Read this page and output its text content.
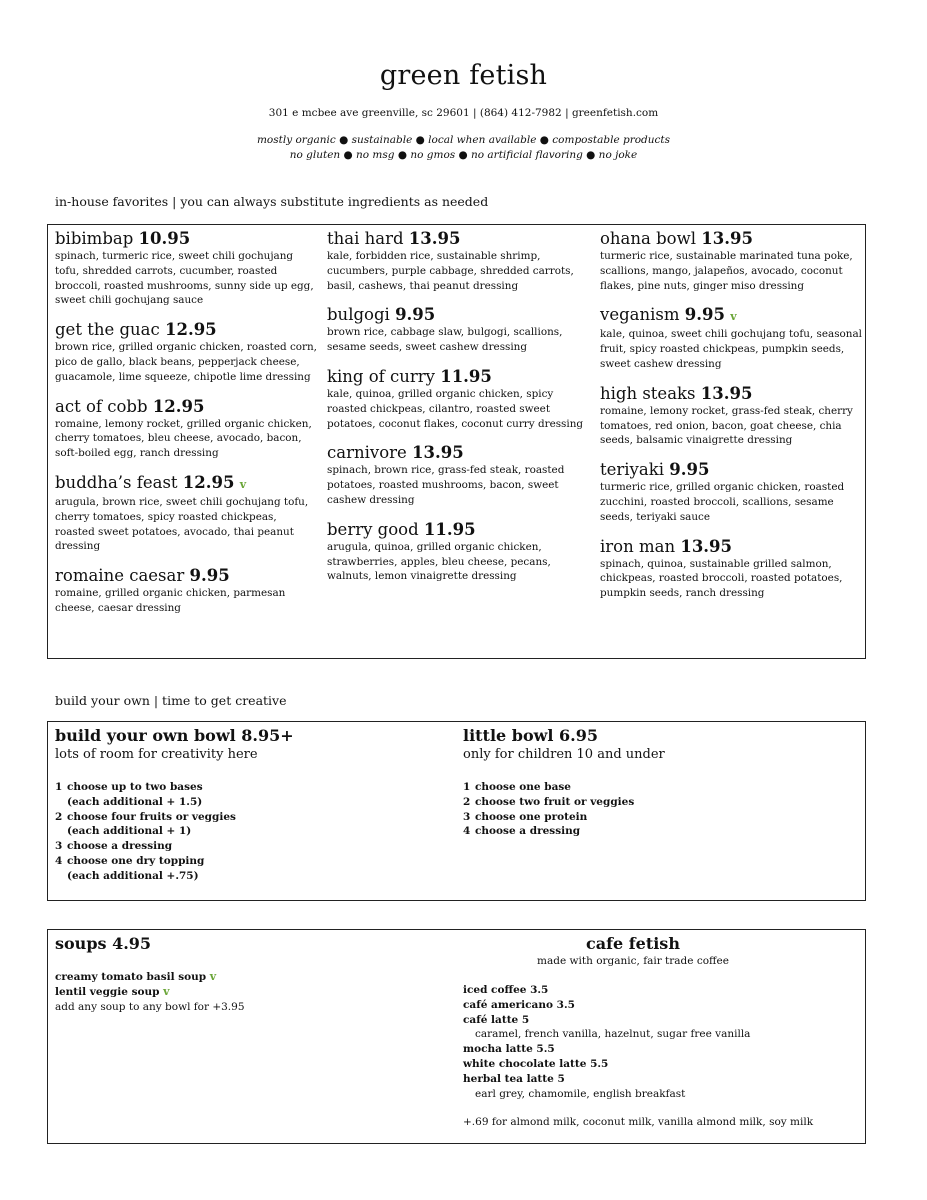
green fetish
301 e mcbee ave greenville, sc 29601 | (864) 412-7982 | greenfetish.com
mostly organic ● sustainable ● local when available ● compostable products
no gluten ● no msg ● no gmos ● no artificial flavoring ● no joke
in-house favorites | you can always substitute ingredients as needed
bibimbap 10.95
spinach, turmeric rice, sweet chili gochujang tofu, shredded carrots, cucumber, roasted broccoli, roasted mushrooms, sunny side up egg, sweet chili gochujang sauce
get the guac 12.95
brown rice, grilled organic chicken, roasted corn, pico de gallo, black beans, pepperjack cheese, guacamole, lime squeeze, chipotle lime dressing
act of cobb 12.95
romaine, lemony rocket, grilled organic chicken, cherry tomatoes, bleu cheese, avocado, bacon, soft-boiled egg, ranch dressing
buddha’s feast 12.95 v
arugula, brown rice, sweet chili gochujang tofu, cherry tomatoes, spicy roasted chickpeas, roasted sweet potatoes, avocado, thai peanut dressing
romaine caesar 9.95
romaine, grilled organic chicken, parmesan cheese, caesar dressing
thai hard 13.95
kale, forbidden rice, sustainable shrimp, cucumbers, purple cabbage, shredded carrots, basil, cashews, thai peanut dressing
bulgogi 9.95
brown rice, cabbage slaw, bulgogi, scallions, sesame seeds, sweet cashew dressing
king of curry 11.95
kale, quinoa, grilled organic chicken, spicy roasted chickpeas, cilantro, roasted sweet potatoes, coconut flakes, coconut curry dressing
carnivore 13.95
spinach, brown rice, grass-fed steak, roasted potatoes, roasted mushrooms, bacon, sweet cashew dressing
berry good 11.95
arugula, quinoa, grilled organic chicken, strawberries, apples, bleu cheese, pecans, walnuts, lemon vinaigrette dressing
ohana bowl 13.95
turmeric rice, sustainable marinated tuna poke, scallions, mango, jalapeños, avocado, coconut flakes, pine nuts, ginger miso dressing
veganism 9.95 v
kale, quinoa, sweet chili gochujang tofu, seasonal fruit, spicy roasted chickpeas, pumpkin seeds, sweet cashew dressing
high steaks 13.95
romaine, lemony rocket, grass-fed steak, cherry tomatoes, red onion, bacon, goat cheese, chia seeds, balsamic vinaigrette dressing
teriyaki 9.95
turmeric rice, grilled organic chicken, roasted zucchini, roasted broccoli, scallions, sesame seeds, teriyaki sauce
iron man 13.95
spinach, quinoa, sustainable grilled salmon, chickpeas, roasted broccoli, roasted potatoes, pumpkin seeds, ranch dressing
build your own | time to get creative
build your own bowl 8.95+
lots of room for creativity here
1 choose up to two bases
(each additional + 1.5)
2 choose four fruits or veggies
(each additional + 1)
3 choose a dressing
4 choose one dry topping
(each additional +.75)
little bowl 6.95
only for children 10 and under
1 choose one base
2 choose two fruit or veggies
3 choose one protein
4 choose a dressing
soups 4.95
creamy tomato basil soup v
lentil veggie soup v
add any soup to any bowl for +3.95
cafe fetish
made with organic, fair trade coffee
iced coffee 3.5
café americano 3.5
café latte 5
caramel, french vanilla, hazelnut, sugar free vanilla
mocha latte 5.5
white chocolate latte 5.5
herbal tea latte 5
earl grey, chamomile, english breakfast
+.69 for almond milk, coconut milk, vanilla almond milk, soy milk
